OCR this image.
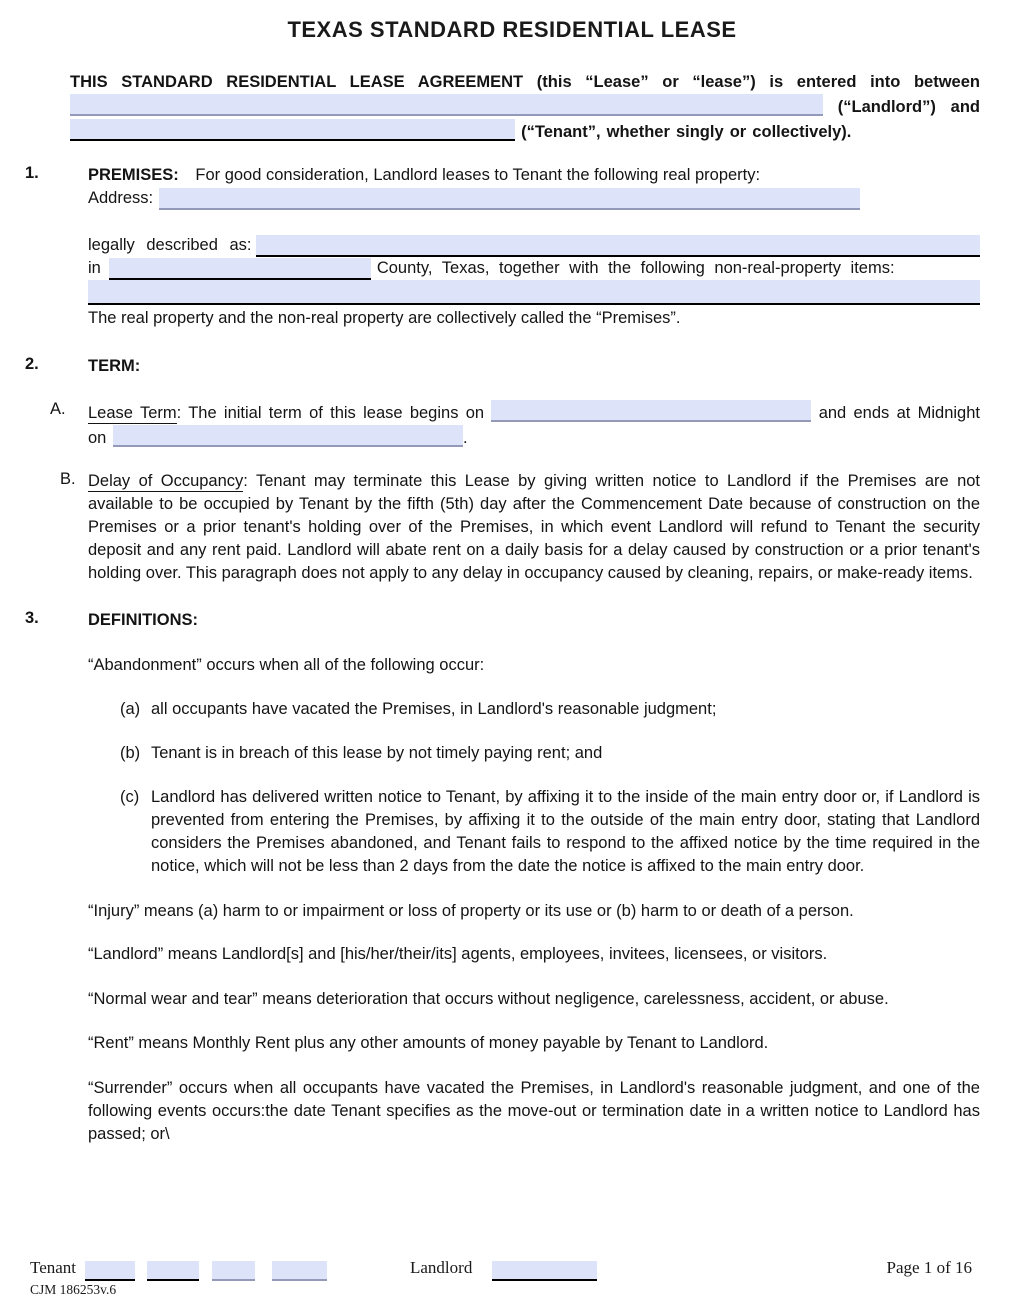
TEXAS STANDARD RESIDENTIAL LEASE
THIS STANDARD RESIDENTIAL LEASE AGREEMENT (this “Lease” or “lease”) is entered into between  (“Landlord”) and  (“Tenant”, whether singly or collectively).
1.	PREMISES: For good consideration, Landlord leases to Tenant the following real property:
Address:
legally described as:
in	County, Texas, together with the following non-real-property items:
The real property and the non-real property are collectively called the “Premises”.
2.	TERM:
A.	Lease Term: The initial term of this lease begins on	and ends at Midnight on	.
B. Delay of Occupancy: Tenant may terminate this Lease by giving written notice to Landlord if the Premises are not available to be occupied by Tenant by the fifth (5th) day after the Commencement Date because of construction on the Premises or a prior tenant's holding over of the Premises, in which event Landlord will refund to Tenant the security deposit and any rent paid. Landlord will abate rent on a daily basis for a delay caused by construction or a prior tenant's holding over. This paragraph does not apply to any delay in occupancy caused by cleaning, repairs, or make-ready items.
3.	DEFINITIONS:
“Abandonment” occurs when all of the following occur:
(a) all occupants have vacated the Premises, in Landlord's reasonable judgment;
(b) Tenant is in breach of this lease by not timely paying rent; and
(c) Landlord has delivered written notice to Tenant, by affixing it to the inside of the main entry door or, if Landlord is prevented from entering the Premises, by affixing it to the outside of the main entry door, stating that Landlord considers the Premises abandoned, and Tenant fails to respond to the affixed notice by the time required in the notice, which will not be less than 2 days from the date the notice is affixed to the main entry door.
“Injury” means (a) harm to or impairment or loss of property or its use or (b) harm to or death of a person.
“Landlord” means Landlord[s] and [his/her/their/its] agents, employees, invitees, licensees, or visitors.
“Normal wear and tear” means deterioration that occurs without negligence, carelessness, accident, or abuse.
“Rent” means Monthly Rent plus any other amounts of money payable by Tenant to Landlord.
“Surrender” occurs when all occupants have vacated the Premises, in Landlord's reasonable judgment, and one of the following events occurs:the date Tenant specifies as the move-out or termination date in a written notice to Landlord has passed; or\
Tenant	Landlord	Page 1 of 16
CJM 186253v.6
